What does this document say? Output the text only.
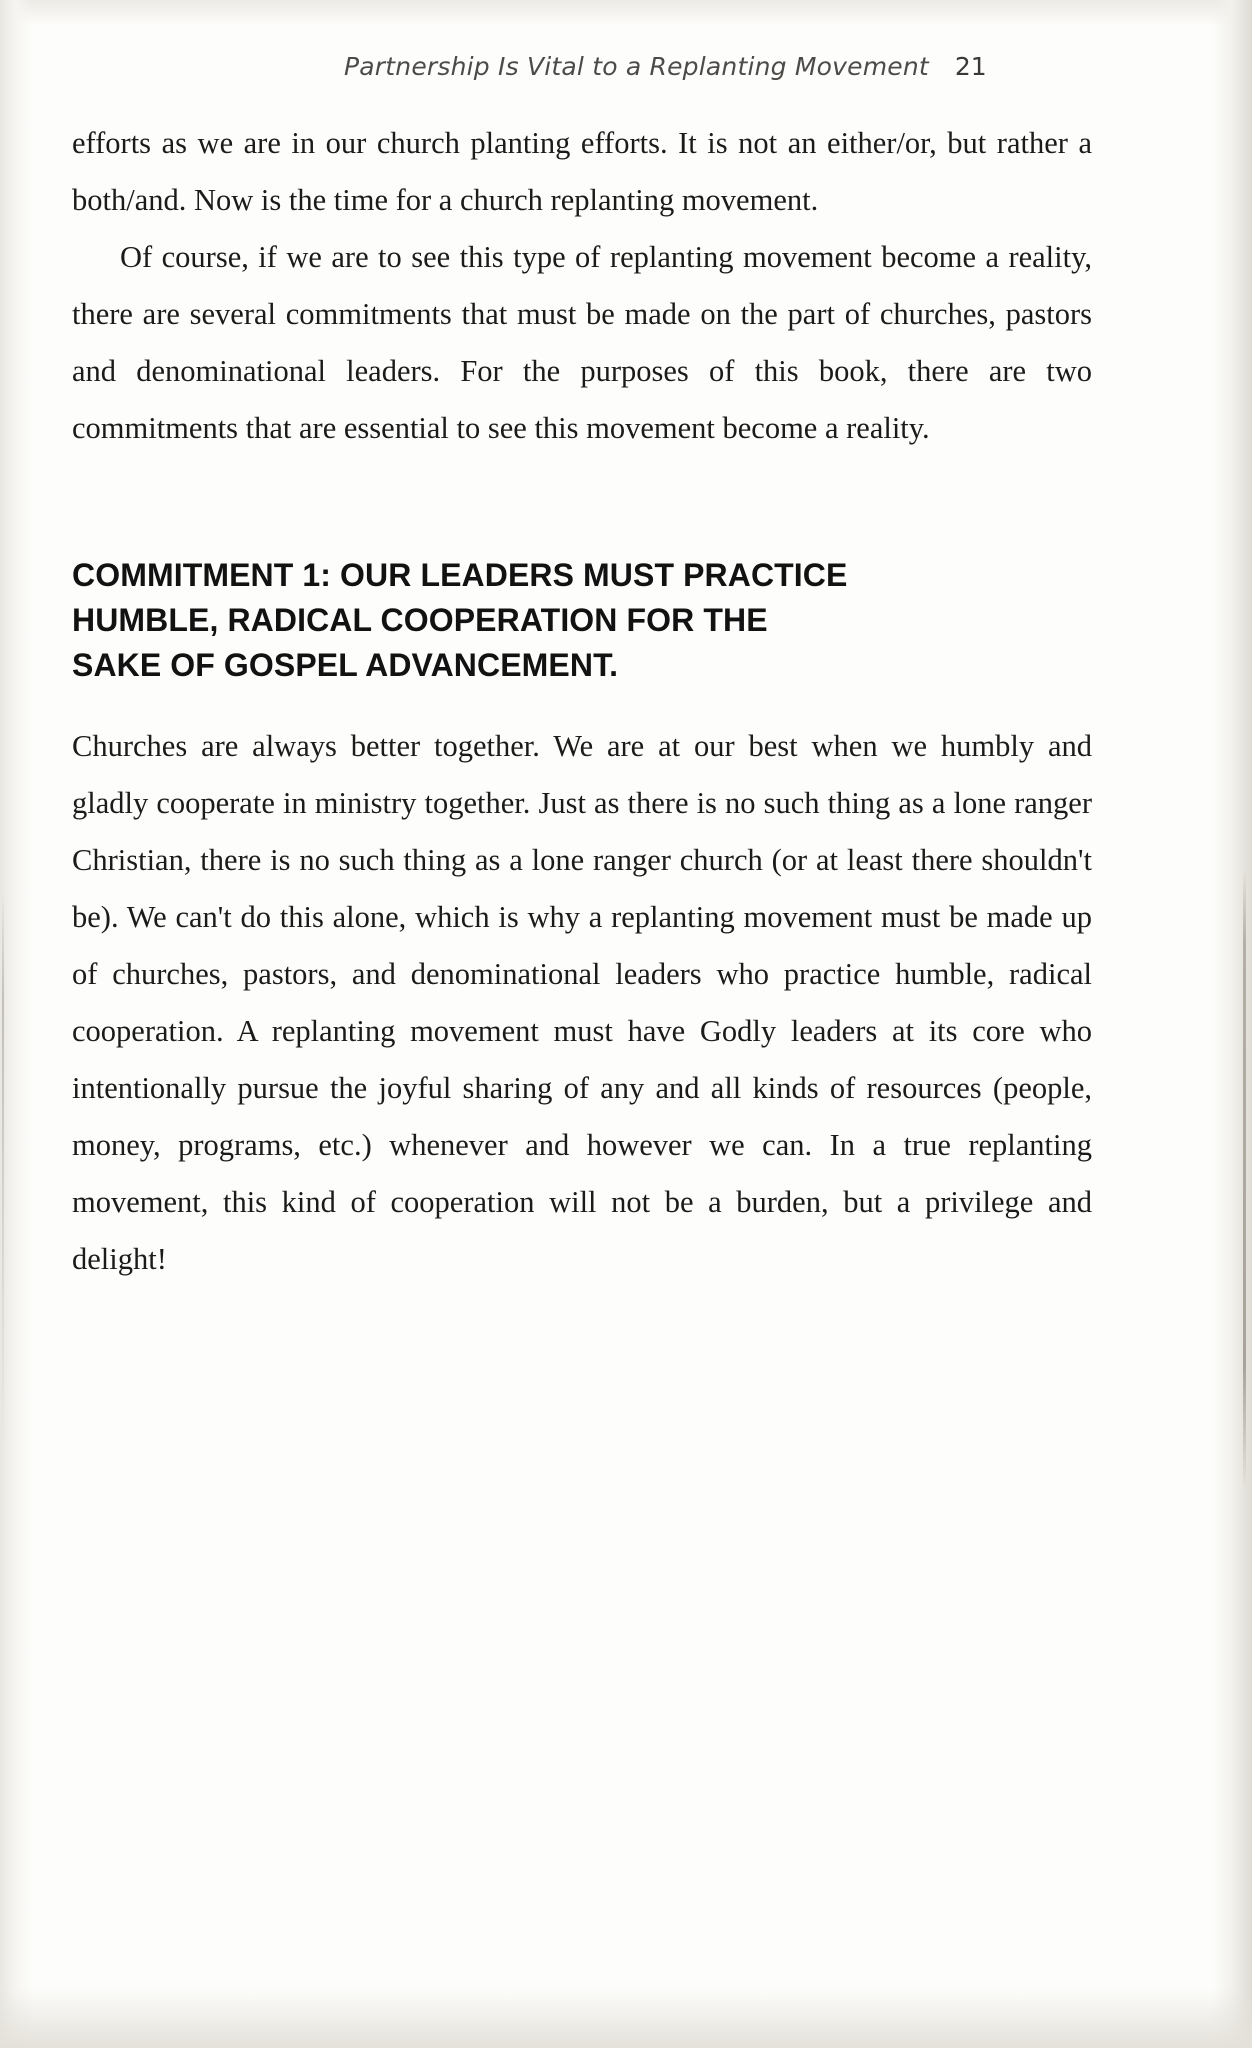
Partnership Is Vital to a Replanting Movement 21

efforts as we are in our church planting efforts. It is not an either/or, but rather a both/and. Now is the time for a church replanting movement.

Of course, if we are to see this type of replanting movement become a reality, there are several commitments that must be made on the part of churches, pastors and denominational leaders. For the purposes of this book, there are two commitments that are essential to see this movement become a reality.

COMMITMENT 1: OUR LEADERS MUST PRACTICE HUMBLE, RADICAL COOPERATION FOR THE SAKE OF GOSPEL ADVANCEMENT.

Churches are always better together. We are at our best when we humbly and gladly cooperate in ministry together. Just as there is no such thing as a lone ranger Christian, there is no such thing as a lone ranger church (or at least there shouldn't be). We can't do this alone, which is why a replanting movement must be made up of churches, pastors, and denominational leaders who practice humble, radical cooperation. A replanting movement must have Godly leaders at its core who intentionally pursue the joyful sharing of any and all kinds of resources (people, money, programs, etc.) whenever and however we can. In a true replanting movement, this kind of cooperation will not be a burden, but a privilege and delight!
